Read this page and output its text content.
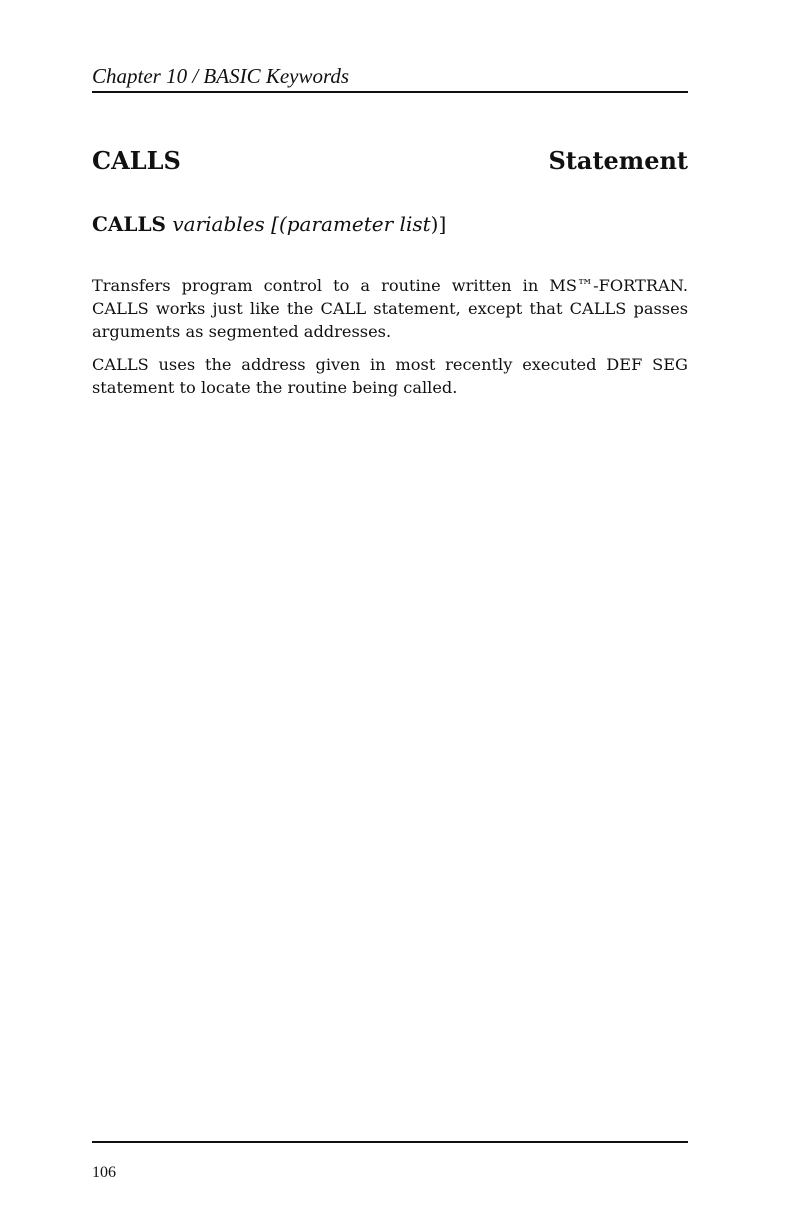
Chapter 10 / BASIC Keywords
CALLS	Statement
CALLS variables [(parameter list)]

Transfers program control to a routine written in MS™-FORTRAN. CALLS works just like the CALL statement, except that CALLS passes arguments as segmented addresses.

CALLS uses the address given in most recently executed DEF SEG statement to locate the routine being called.

106
